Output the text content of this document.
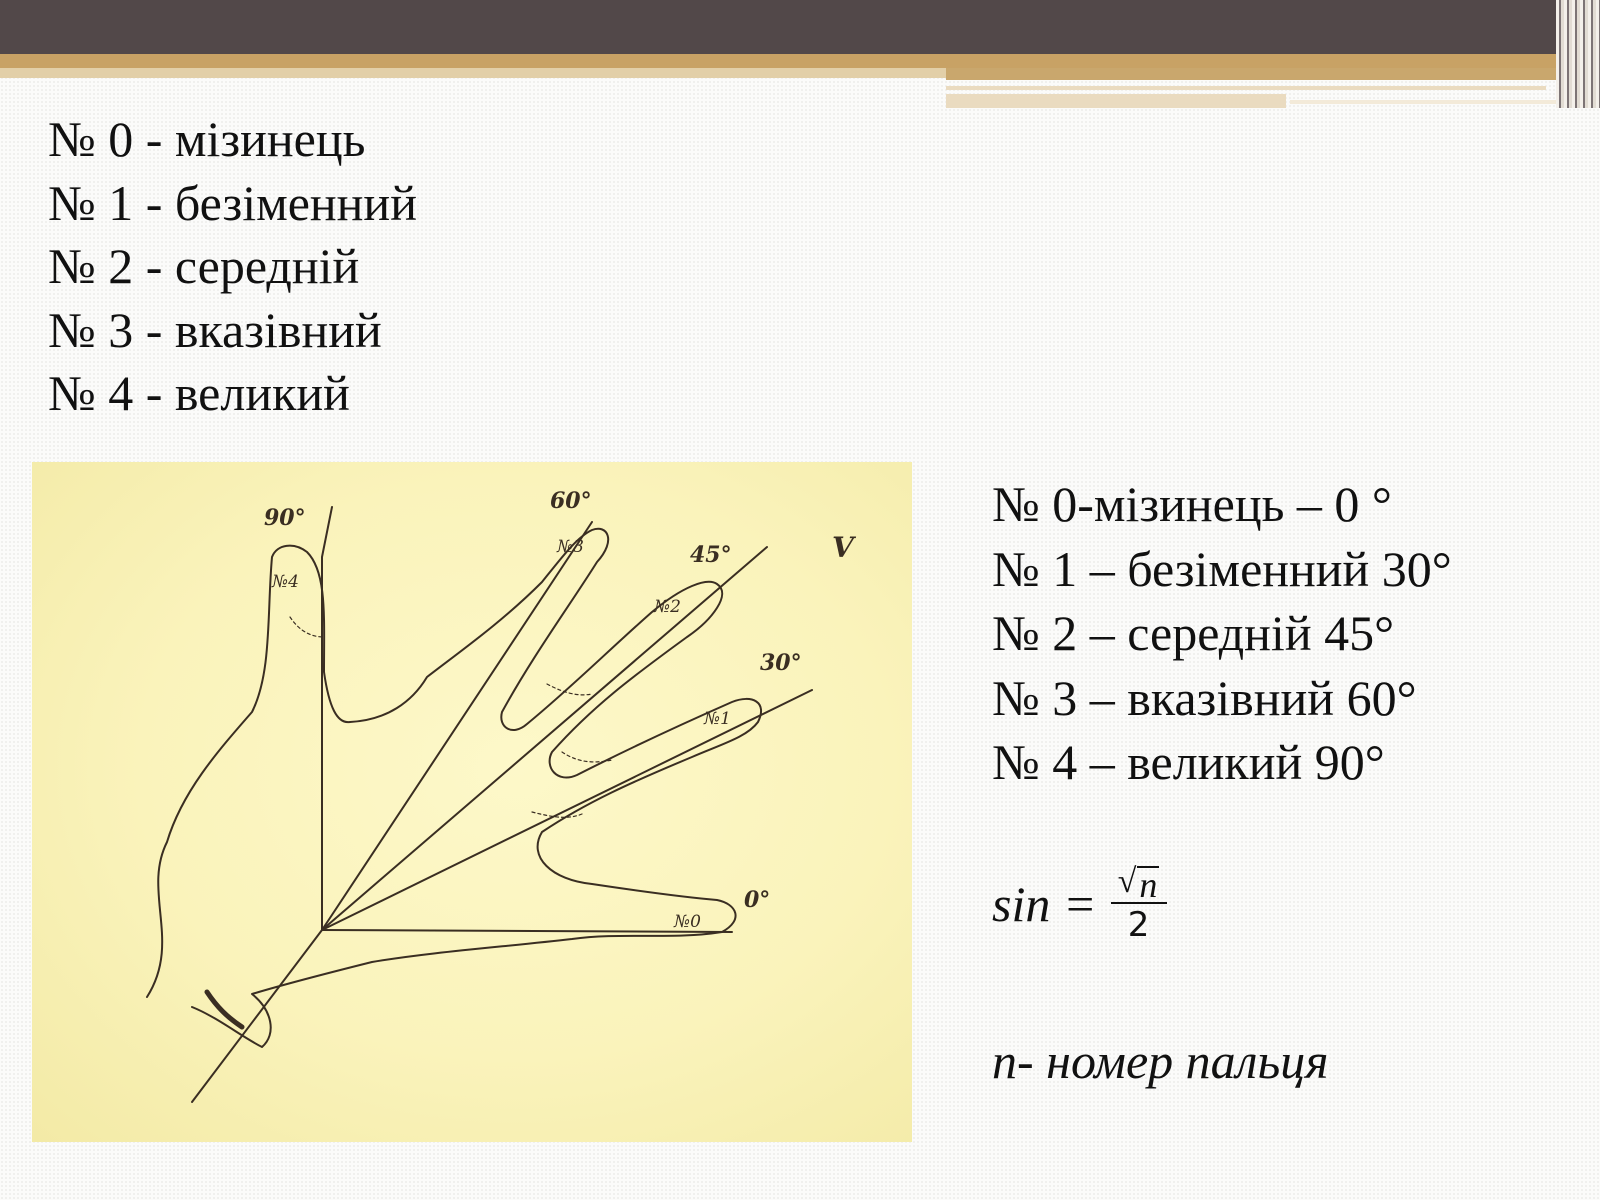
№ 0 - мізинець
№ 1 - безіменний
№ 2 - середній
№ 3 - вказівний
№ 4 - великий
90°
60°
45°
30°
0°
№4
№3
№2
№1
№0
V
№ 0-мізинець – 0 °
№ 1 – безіменний 30°
№ 2 – середній 45°
№ 3 – вказівний 60°
№ 4 – великий 90°
$\sin = \frac{√ n}{2}$
n- номер пальця
